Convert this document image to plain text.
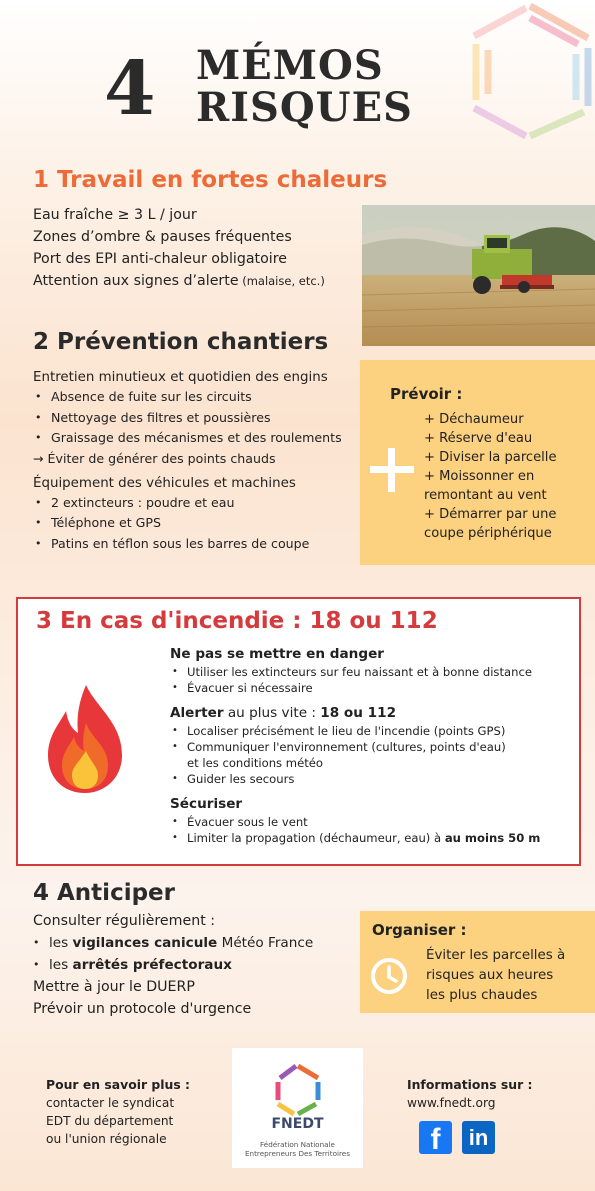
4 MÉMOS
RISQUES
1 Travail en fortes chaleurs
Eau fraîche ≥ 3 L / jour
Zones d’ombre & pauses fréquentes
Port des EPI anti-chaleur obligatoire
Attention aux signes d’alerte (malaise, etc.)
2 Prévention chantiers
Entretien minutieux et quotidien des engins
• Absence de fuite sur les circuits
• Nettoyage des filtres et poussières
• Graissage des mécanismes et des roulements
→ Éviter de générer des points chauds
Équipement des véhicules et machines
• 2 extincteurs : poudre et eau
• Téléphone et GPS
• Patins en téflon sous les barres de coupe
Prévoir :
+ Déchaumeur
+ Réserve d'eau
+ Diviser la parcelle
+ Moissonner en
remontant au vent
+ Démarrer par une
coupe périphérique
3 En cas d'incendie : 18 ou 112
Ne pas se mettre en danger
• Utiliser les extincteurs sur feu naissant et à bonne distance
• Évacuer si nécessaire
Alerter au plus vite : 18 ou 112
• Localiser précisément le lieu de l'incendie (points GPS)
• Communiquer l'environnement (cultures, points d'eau)
et les conditions météo
• Guider les secours
Sécuriser
• Évacuer sous le vent
• Limiter la propagation (déchaumeur, eau) à au moins 50 m
4 Anticiper
Consulter régulièrement :
• les vigilances canicule Météo France
• les arrêtés préfectoraux
Mettre à jour le DUERP
Prévoir un protocole d'urgence
Organiser :
Éviter les parcelles à
risques aux heures
les plus chaudes
Pour en savoir plus :
contacter le syndicat
EDT du département
ou l'union régionale
FNEDT
Fédération Nationale
Entrepreneurs Des Territoires
Informations sur :
www.fnedt.org
f	in
